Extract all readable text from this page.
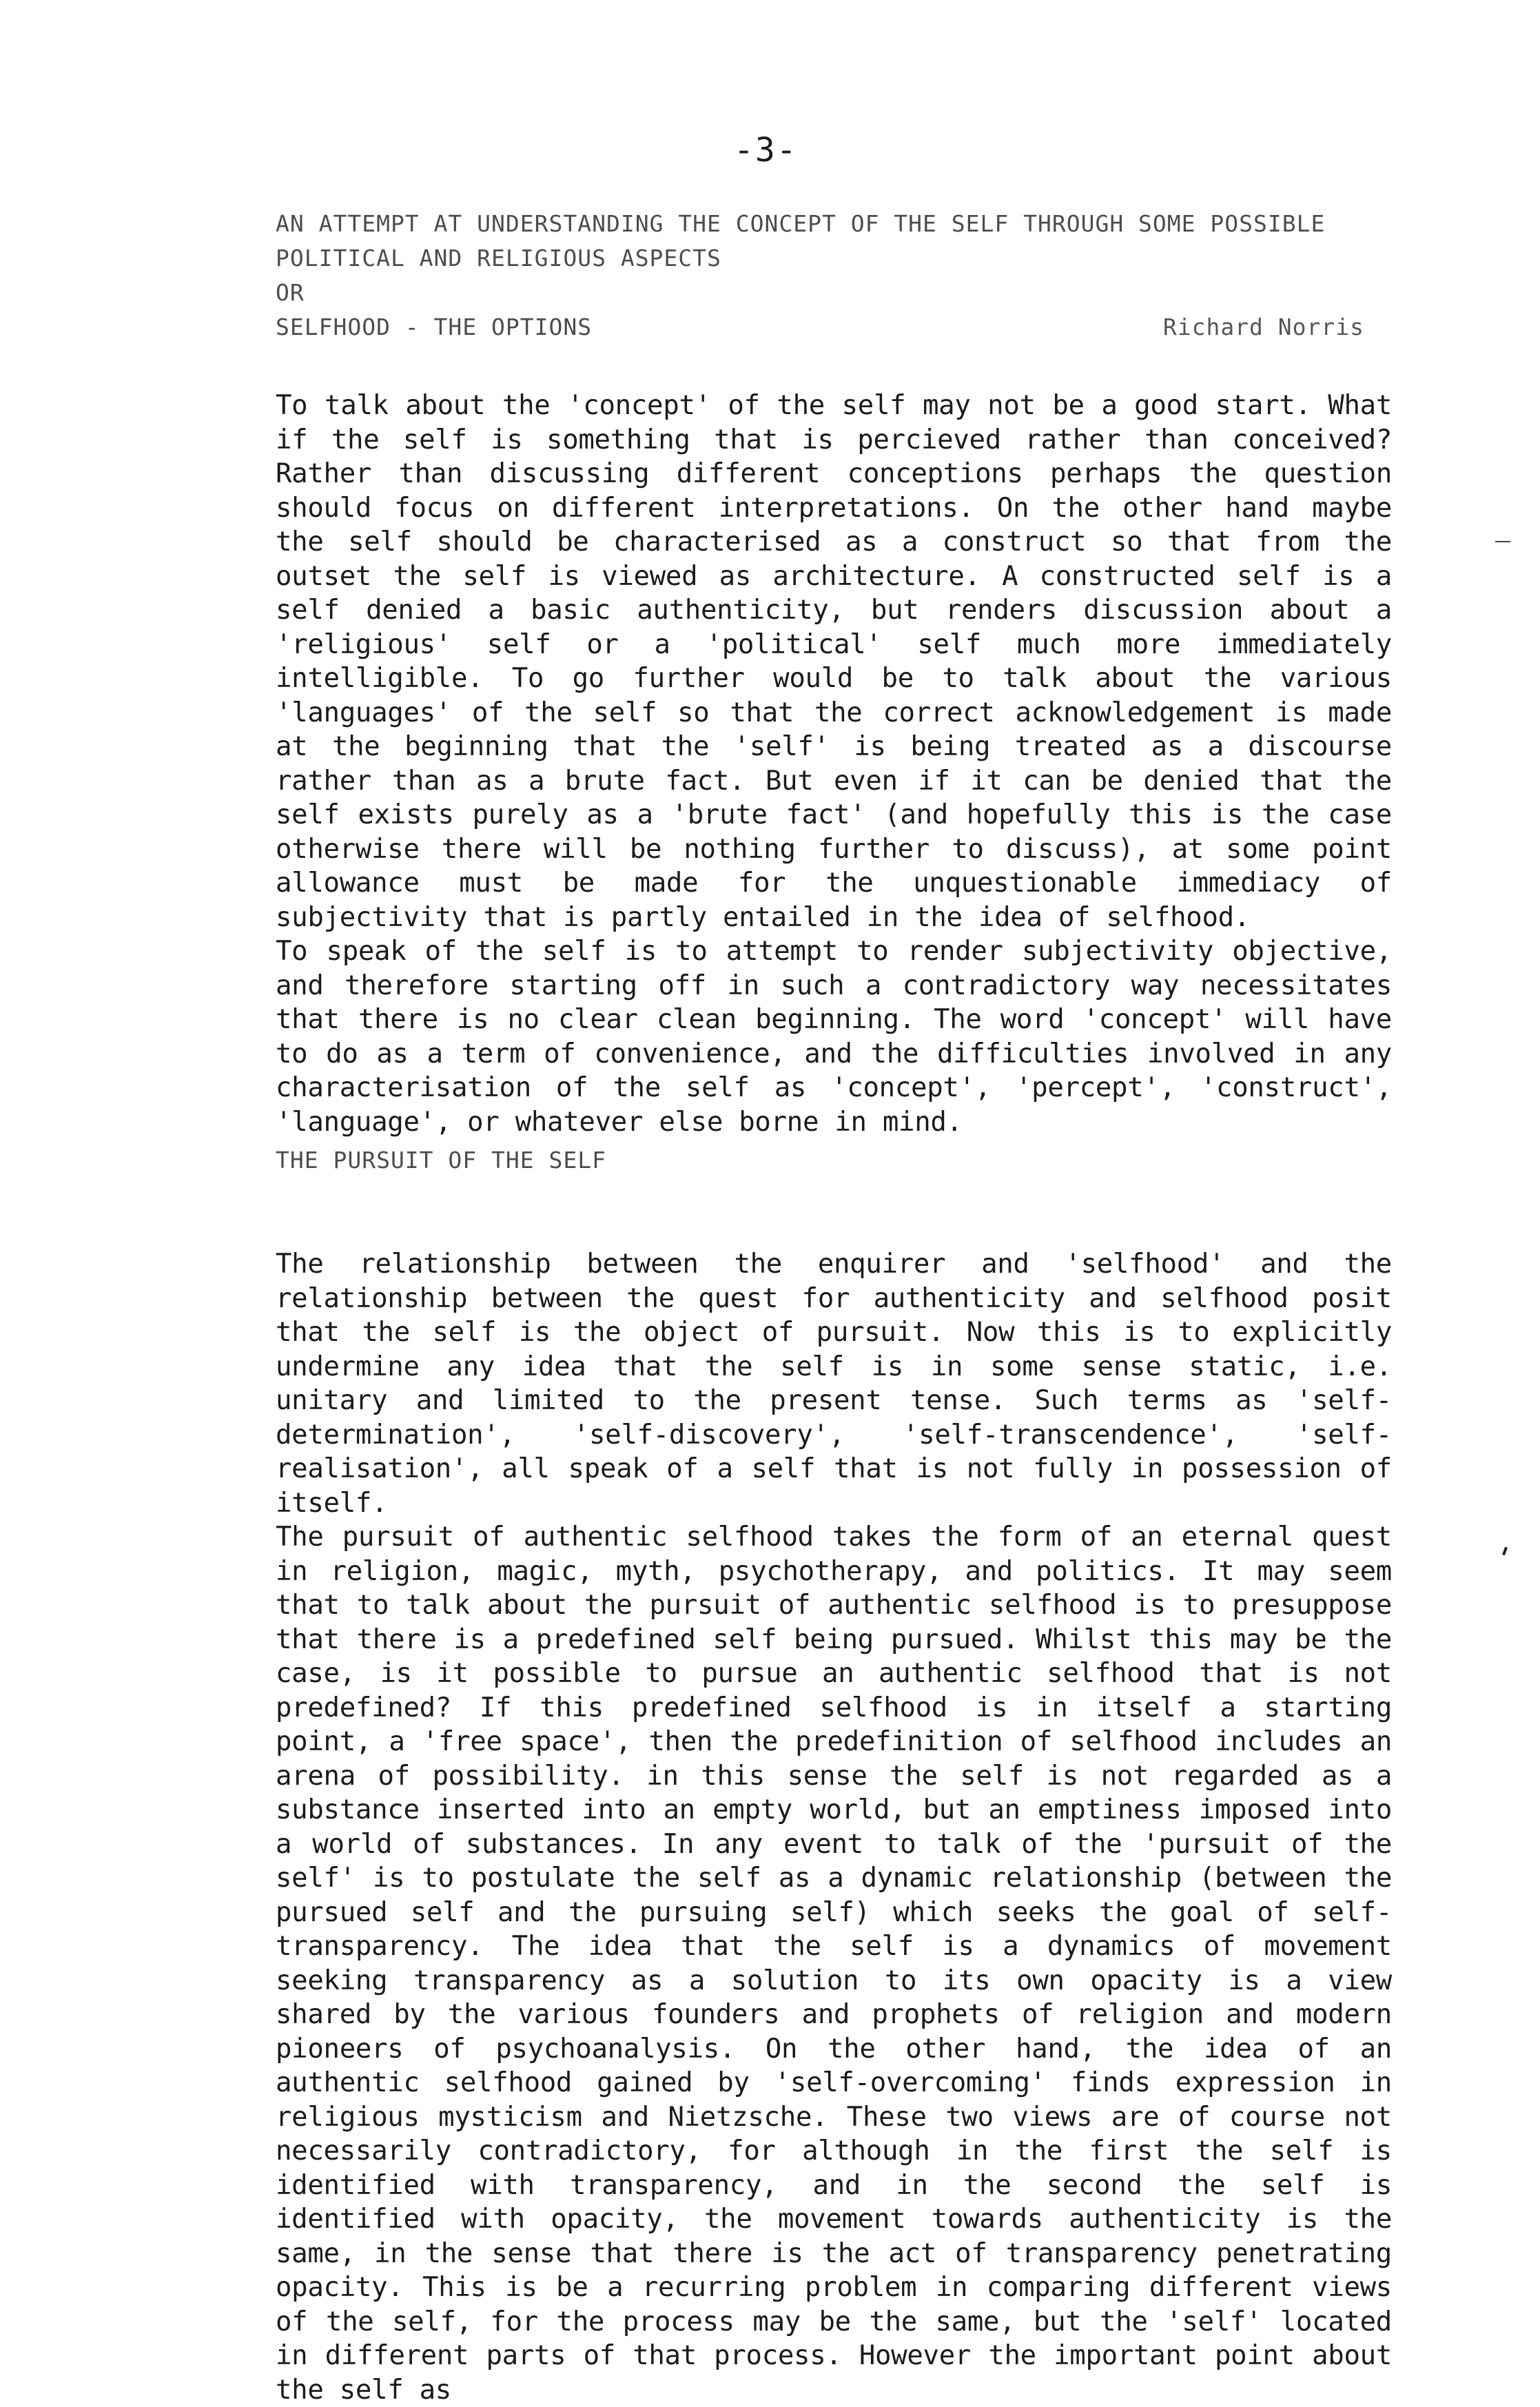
-3-
AN ATTEMPT AT UNDERSTANDING THE CONCEPT OF THE SELF THROUGH SOME POSSIBLE
POLITICAL AND RELIGIOUS ASPECTS
OR
SELFHOOD - THE OPTIONS	Richard Norris

To talk about the 'concept' of the self may not be a good start. What if the self is something that is percieved rather than conceived? Rather than discussing different conceptions perhaps the question should focus on different interpretations. On the other hand maybe the self should be characterised as a construct so that from the outset the self is viewed as architecture. A constructed self is a self denied a basic authenticity, but renders discussion about a 'religious' self or a 'political' self much more immediately intelligible. To go further would be to talk about the various 'languages' of the self so that the correct acknowledgement is made at the beginning that the 'self' is being treated as a discourse rather than as a brute fact. But even if it can be denied that the self exists purely as a 'brute fact' (and hopefully this is the case otherwise there will be nothing further to discuss), at some point allowance must be made for the unquestionable immediacy of subjectivity that is partly entailed in the idea of selfhood.

To speak of the self is to attempt to render subjectivity objective, and therefore starting off in such a contradictory way necessitates that there is no clear clean beginning. The word 'concept' will have to do as a term of convenience, and the difficulties involved in any characterisation of the self as 'concept', 'percept', 'construct', 'language', or whatever else borne in mind.

THE PURSUIT OF THE SELF

The relationship between the enquirer and 'selfhood' and the relationship between the quest for authenticity and selfhood posit that the self is the object of pursuit. Now this is to explicitly undermine any idea that the self is in some sense static, i.e. unitary and limited to the present tense. Such terms as 'self-determination', 'self-discovery', 'self-transcendence', 'self-realisation', all speak of a self that is not fully in possession of itself.

The pursuit of authentic selfhood takes the form of an eternal quest in religion, magic, myth, psychotherapy, and politics. It may seem that to talk about the pursuit of authentic selfhood is to presuppose that there is a predefined self being pursued. Whilst this may be the case, is it possible to pursue an authentic selfhood that is not predefined? If this predefined selfhood is in itself a starting point, a 'free space', then the predefinition of selfhood includes an arena of possibility. in this sense the self is not regarded as a substance inserted into an empty world, but an emptiness imposed into a world of substances. In any event to talk of the 'pursuit of the self' is to postulate the self as a dynamic relationship (between the pursued self and the pursuing self) which seeks the goal of self-transparency. The idea that the self is a dynamics of movement seeking transparency as a solution to its own opacity is a view shared by the various founders and prophets of religion and modern pioneers of psychoanalysis. On the other hand, the idea of an authentic selfhood gained by 'self-overcoming' finds expression in religious mysticism and Nietzsche. These two views are of course not necessarily contradictory, for although in the first the self is identified with transparency, and in the second the self is identified with opacity, the movement towards authenticity is the same, in the sense that there is the act of transparency penetrating opacity. This is be a recurring problem in comparing different views of the self, for the process may be the same, but the 'self' located in different parts of that process. However the important point about the self as
